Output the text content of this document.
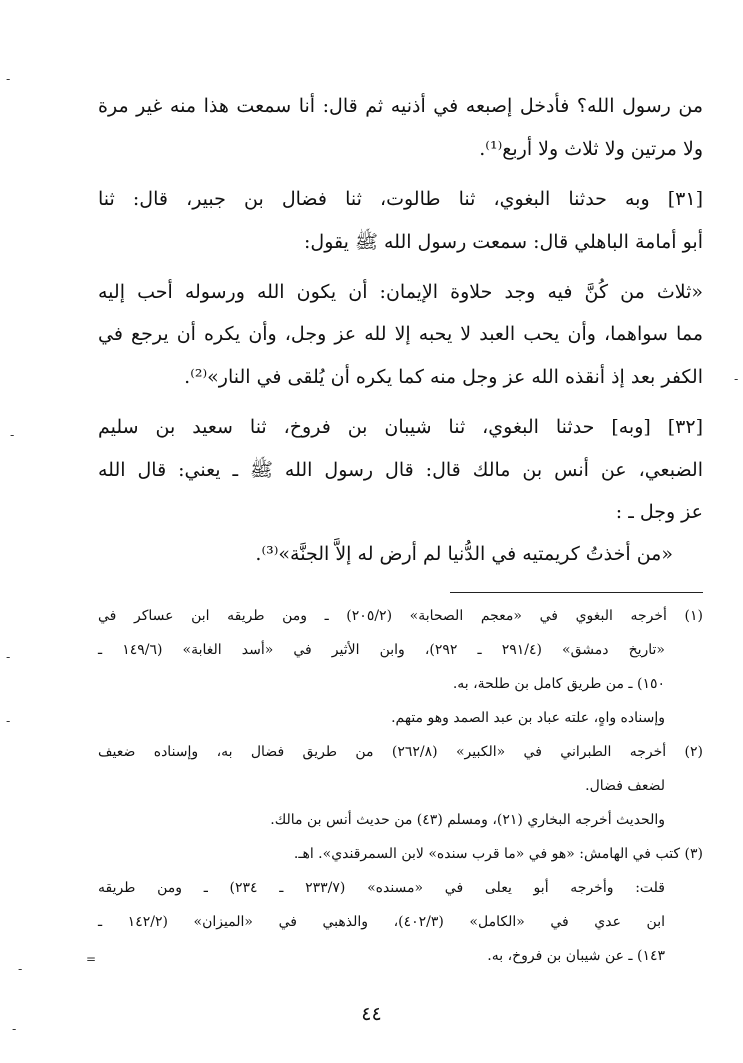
من رسول الله؟ فأدخل إصبعه في أذنيه ثم قال: أنا سمعت هذا منه غير مرة
ولا مرتين ولا ثلاث ولا أربع⁽¹⁾.
[٣١] وبه حدثنا البغوي، ثنا طالوت، ثنا فضال بن جبير، قال: ثنا
أبو أمامة الباهلي قال: سمعت رسول الله ﷺ يقول:
«ثلاث من كُنَّ فيه وجد حلاوة الإيمان: أن يكون الله ورسوله أحب إليه
مما سواهما، وأن يحب العبد لا يحبه إلا لله عز وجل، وأن يكره أن يرجع في
الكفر بعد إذ أنقذه الله عز وجل منه كما يكره أن يُلقى في النار»⁽²⁾.
[٣٢] [وبه] حدثنا البغوي، ثنا شيبان بن فروخ، ثنا سعيد بن سليم
الضبعي، عن أنس بن مالك قال: قال رسول الله ﷺ ـ يعني: قال الله
عز وجل ـ :
«من أخذتُ كريمتيه في الدُّنيا لم أرض له إلاَّ الجنَّة»⁽³⁾.
(١) أخرجه البغوي في «معجم الصحابة» (٢٠٥/٢) ـ ومن طريقه ابن عساكر في
«تاريخ دمشق» (٢٩١/٤ ـ ٢٩٢)، وابن الأثير في «أسد الغابة» (١٤٩/٦ ـ
١٥٠) ـ من طريق كامل بن طلحة، به.
وإسناده واهٍ، علته عباد بن عبد الصمد وهو متهم.
(٢) أخرجه الطبراني في «الكبير» (٢٦٢/٨) من طريق فضال به، وإسناده ضعيف
لضعف فضال.
والحديث أخرجه البخاري (٢١)، ومسلم (٤٣) من حديث أنس بن مالك.
(٣) كتب في الهامش: «هو في «ما قرب سنده» لابن السمرقندي». اهـ.
قلت: وأخرجه أبو يعلى في «مسنده» (٢٣٣/٧ ـ ٢٣٤) ـ ومن طريقه
ابن عدي في «الكامل» (٤٠٢/٣)، والذهبي في «الميزان» (١٤٢/٢ ـ
١٤٣) ـ عن شيبان بن فروخ، به.
٤٤
-
-
-
-
-
=
-
-
